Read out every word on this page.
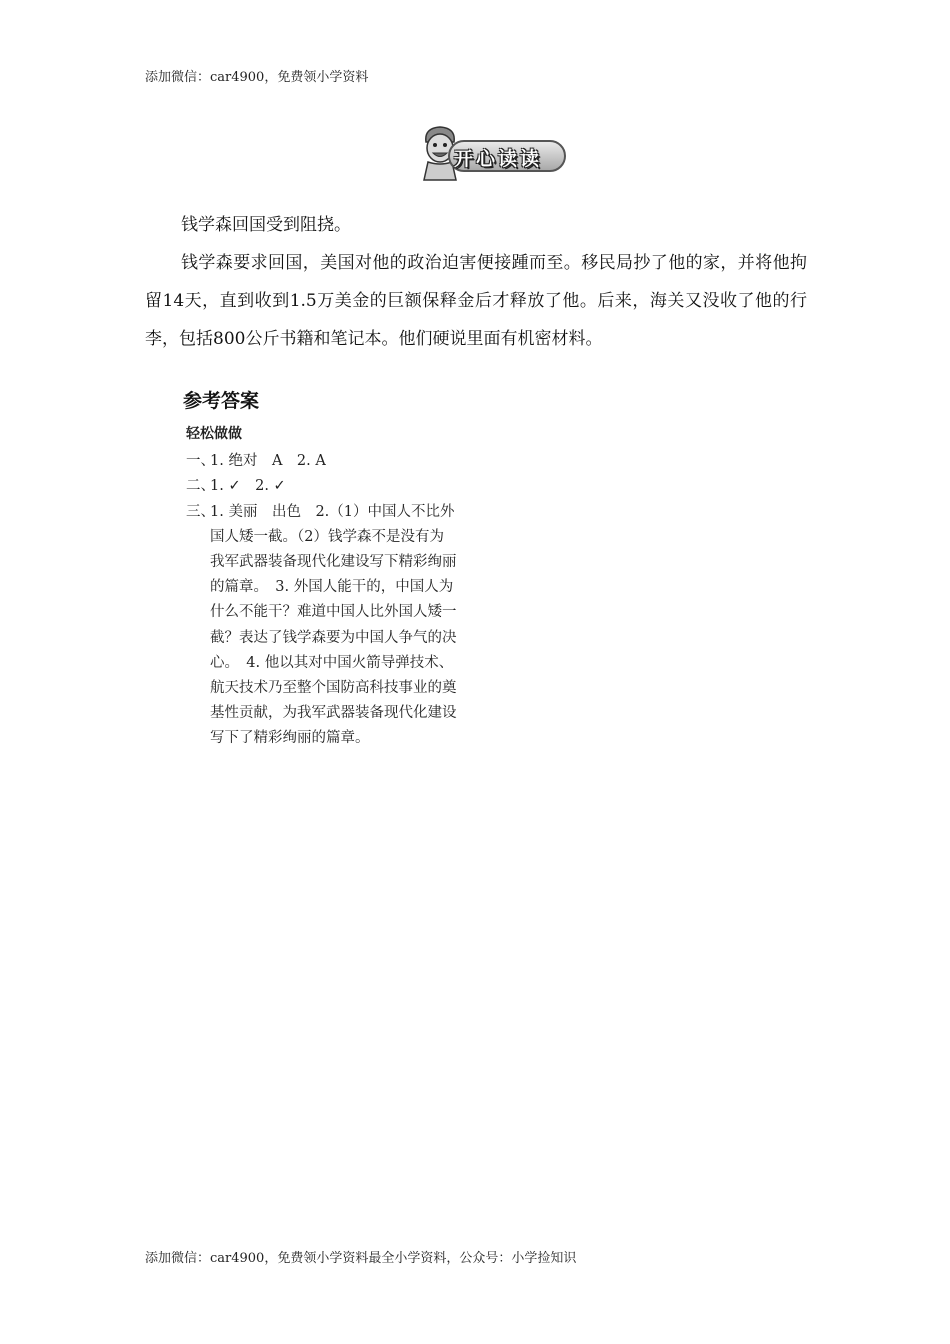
添加微信：car4900，免费领小学资料
开心读读

钱学森回国受到阻挠。

钱学森要求回国，美国对他的政治迫害便接踵而至。移民局抄了他的家，并将他拘留14天，直到收到1.5万美金的巨额保释金后才释放了他。后来，海关又没收了他的行李，包括800公斤书籍和笔记本。他们硬说里面有机密材料。

参考答案
轻松做做
一、
1. 绝对　A　2. A
二、
1. ✓　2. ✓
三、
1. 美丽　出色　2.（1）中国人不比外国人矮一截。（2）钱学森不是没有为我军武器装备现代化建设写下精彩绚丽的篇章。　3. 外国人能干的，中国人为什么不能干？难道中国人比外国人矮一截？表达了钱学森要为中国人争气的决心。　4. 他以其对中国火箭导弹技术、航天技术乃至整个国防高科技事业的奠基性贡献，为我军武器装备现代化建设写下了精彩绚丽的篇章。
添加微信：car4900，免费领小学资料最全小学资料，公众号：小学捡知识
